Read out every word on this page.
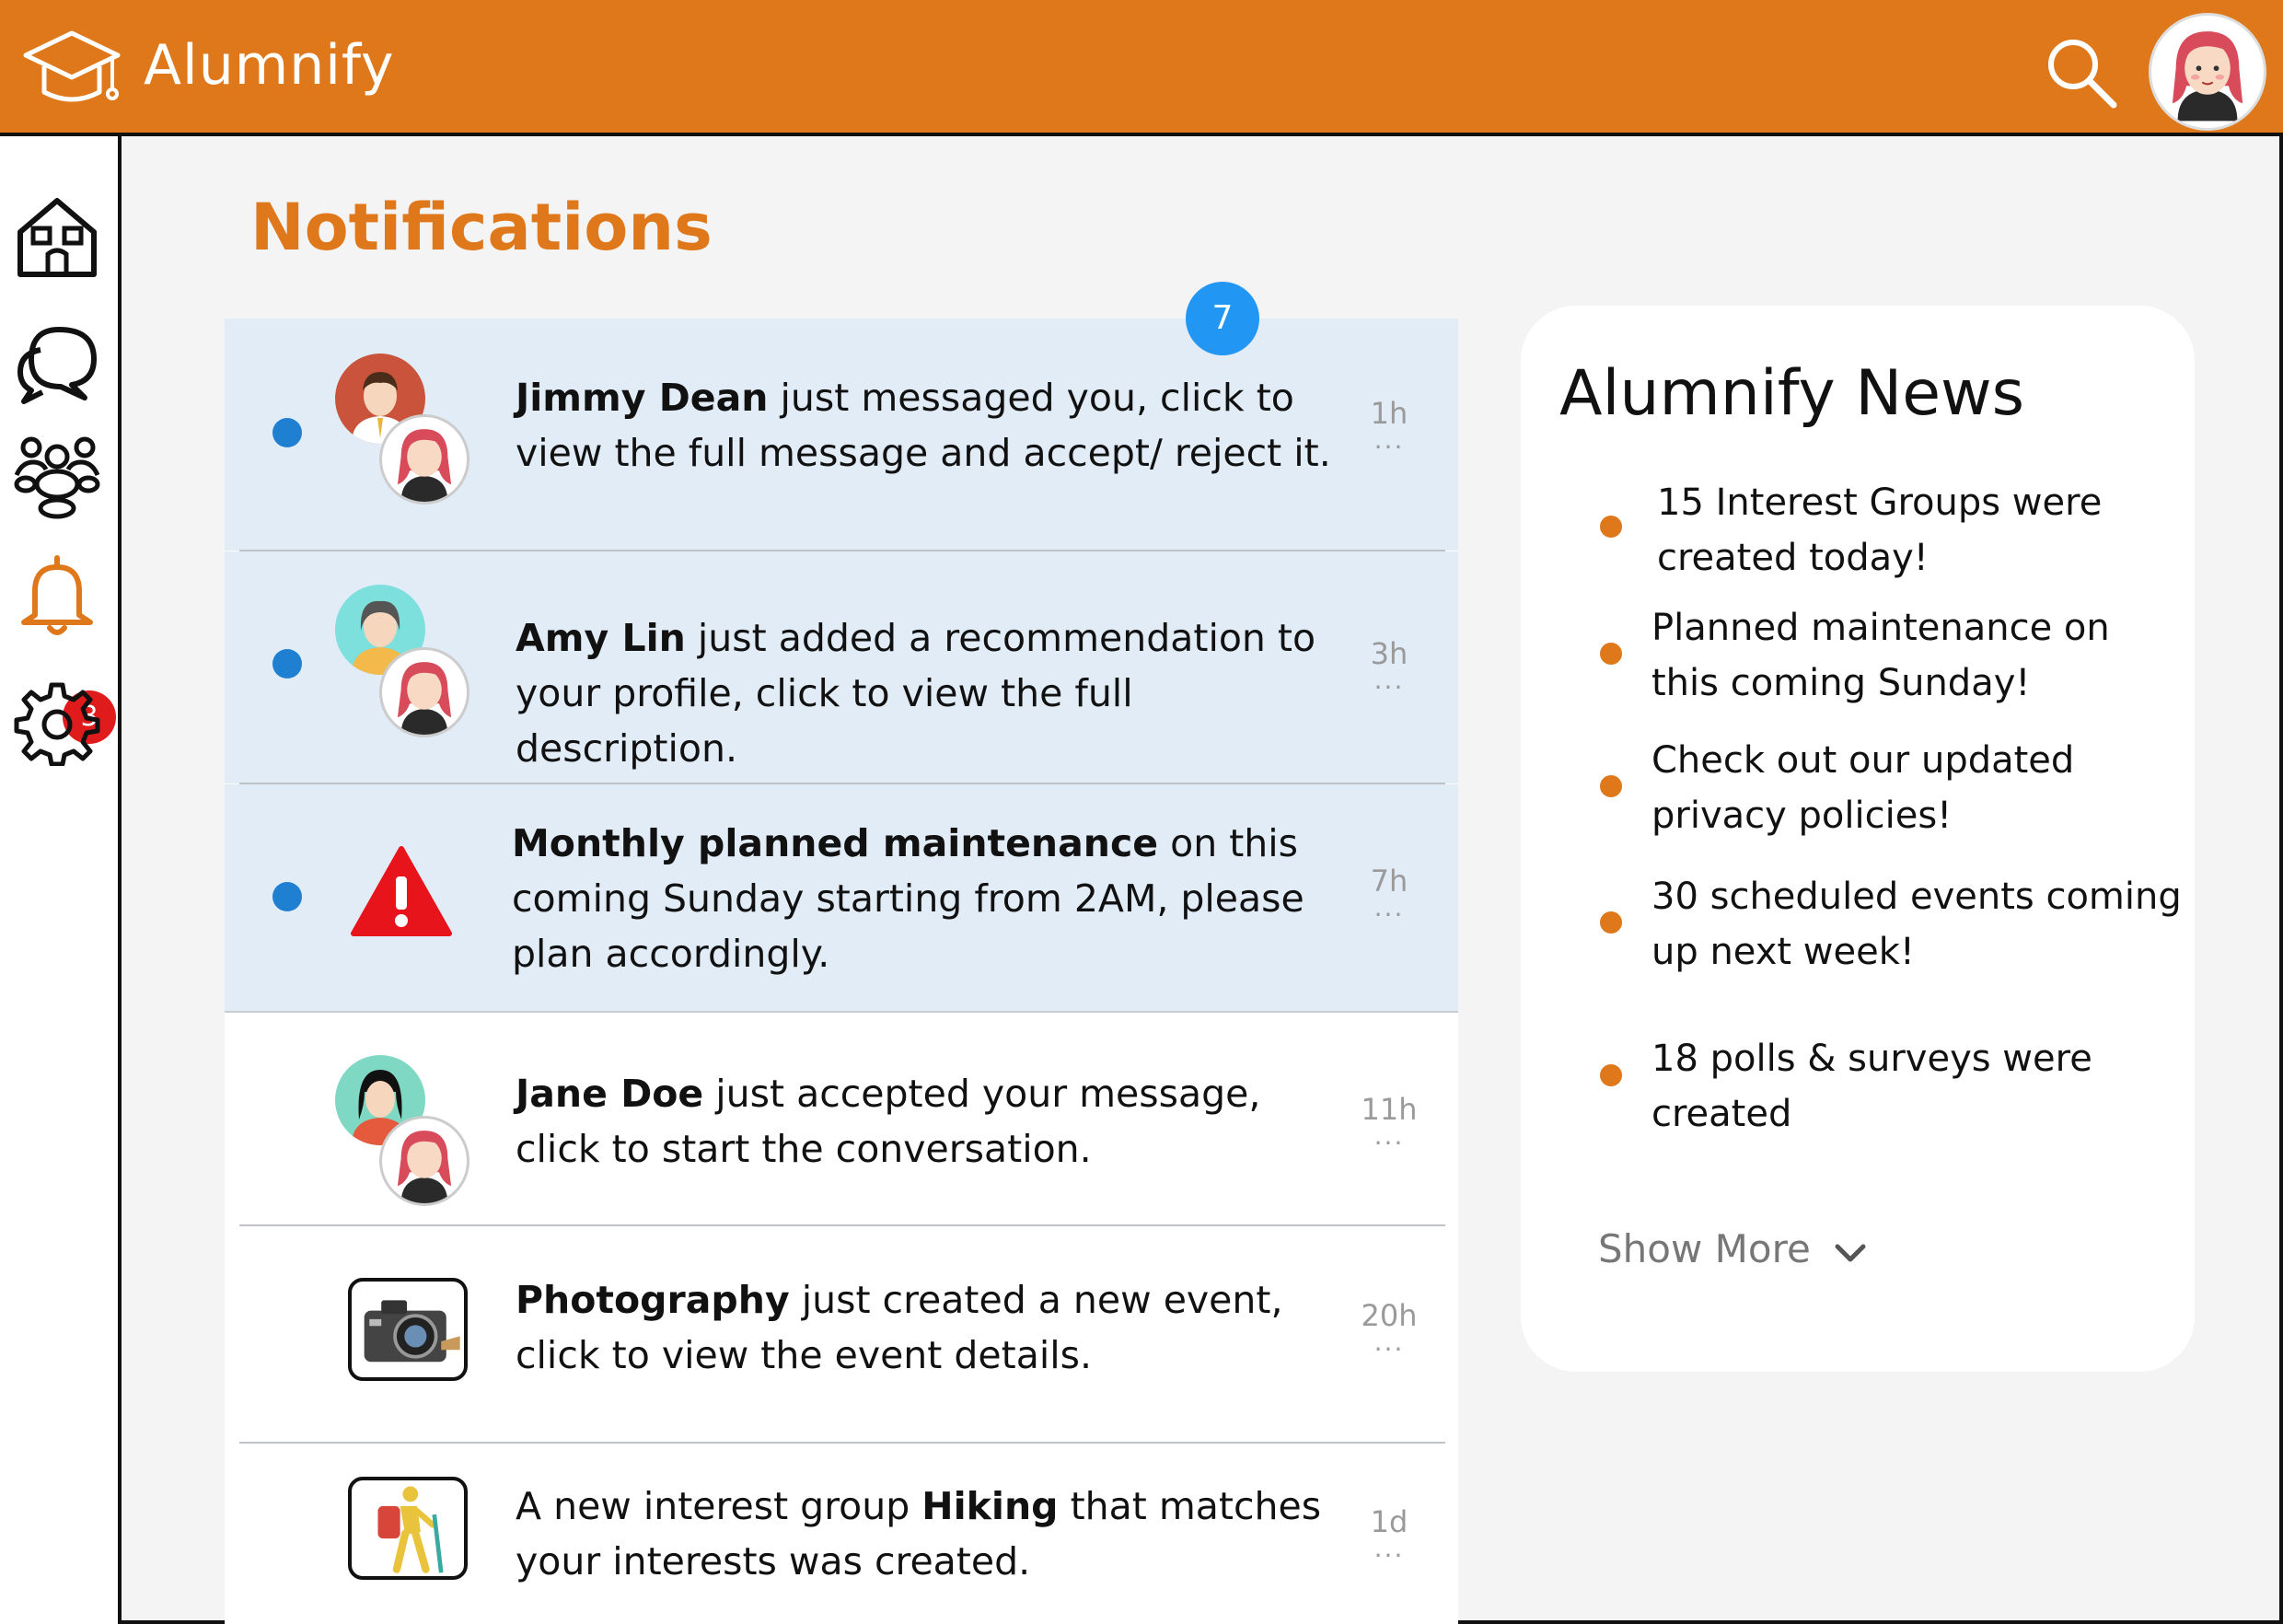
Alumnify
3
Notifications
Jimmy Dean just messaged you, click to view the full message and accept/ reject it.
1h
...
Amy Lin just added a recommendation to your profile, click to view the full description.
3h
...
Monthly planned maintenance on this coming Sunday starting from 2AM, please plan accordingly.
7h
...
Jane Doe just accepted your message, click to start the conversation.
11h
...
Photography just created a new event, click to view the event details.
20h
...
A new interest group Hiking that matches your interests was created.
1d
...
7
Alumnify News
15 Interest Groups were created today!
Planned maintenance on this coming Sunday!
Check out our updated privacy policies!
30 scheduled events coming up next week!
18 polls & surveys were created
Show More
